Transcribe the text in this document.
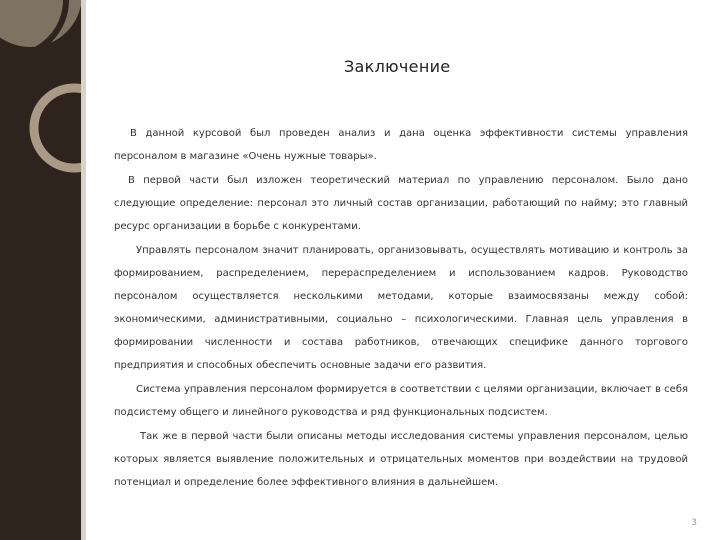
Заключение

В данной курсовой был проведен анализ и дана оценка эффективности системы управления персоналом в магазине «Очень нужные товары».

В первой части был изложен теоретический материал по управлению персоналом. Было дано следующие определение: персонал это личный состав организации, работающий по найму; это главный ресурс организации в борьбе с конкурентами.

Управлять персоналом значит планировать, организовывать, осуществлять мотивацию и контроль за формированием, распределением, перераспределением и использованием кадров. Руководство персоналом осуществляется несколькими методами, которые взаимосвязаны между собой: экономическими, административными, социально – психологическими. Главная цель управления в формировании численности и состава работников, отвечающих специфике данного торгового предприятия и способных обеспечить основные задачи его развития.

Система управления персоналом формируется в соответствии с целями организации, включает в себя подсистему общего и линейного руководства и ряд функциональных подсистем.

Так же в первой части были описаны методы исследования системы управления персоналом, целью которых является выявление положительных и отрицательных моментов при воздействии на трудовой потенциал и определение более эффективного влияния в дальнейшем.

3
